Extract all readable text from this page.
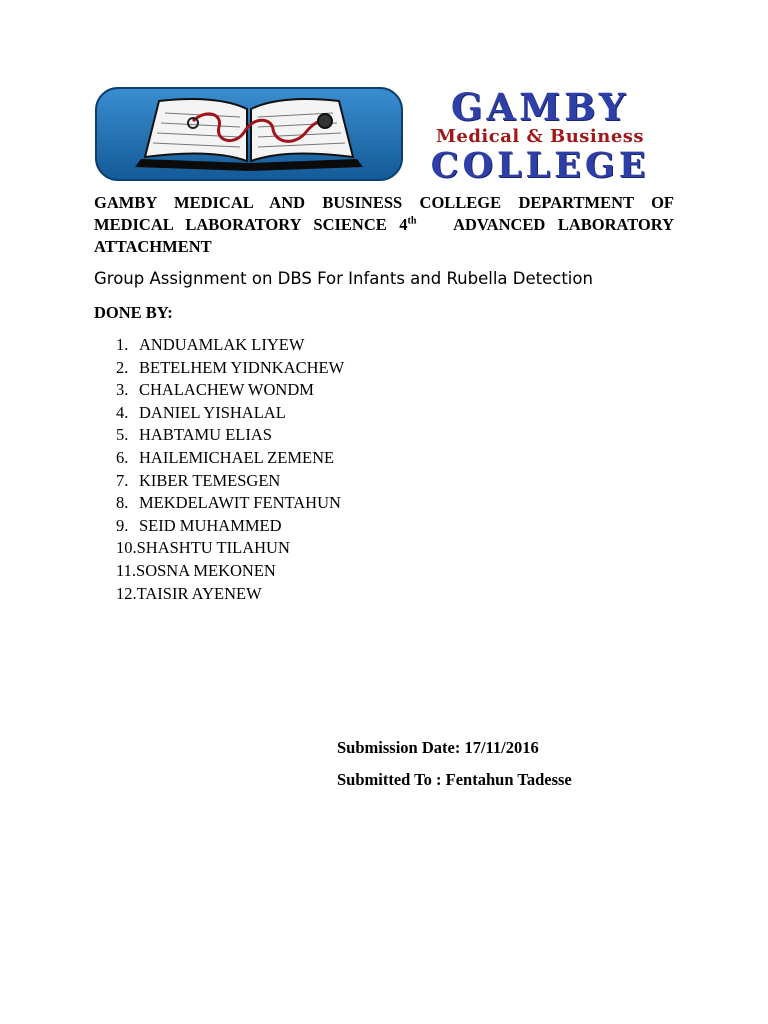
GAMBY
Medical & Business
COLLEGE
GAMBY MEDICAL AND BUSINESS COLLEGE DEPARTMENT OF
MEDICAL LABORATORY SCIENCE 4th ADVANCED LABORATORY
ATTACHMENT
Group Assignment on DBS For Infants and Rubella Detection
DONE BY:
1. ANDUAMLAK LIYEW
2. BETELHEM YIDNKACHEW
3. CHALACHEW WONDM
4. DANIEL YISHALAL
5. HABTAMU ELIAS
6. HAILEMICHAEL ZEMENE
7. KIBER TEMESGEN
8. MEKDELAWIT FENTAHUN
9. SEID MUHAMMED
10.SHASHTU TILAHUN
11.SOSNA MEKONEN
12.TAISIR AYENEW
Submission Date: 17/11/2016
Submitted To : Fentahun Tadesse
